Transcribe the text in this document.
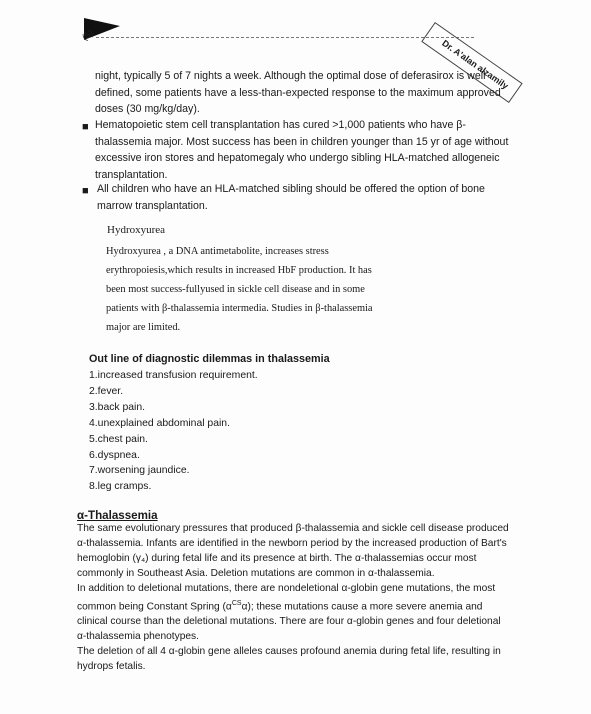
(5)
Dr. A'alan alzamily

night, typically 5 of 7 nights a week. Although the optimal dose of deferasirox is well defined, some patients have a less-than-expected response to the maximum approved doses (30 mg/kg/day).

■ Hematopoietic stem cell transplantation has cured >1,000 patients who have β-thalassemia major. Most success has been in children younger than 15 yr of age without excessive iron stores and hepatomegaly who undergo sibling HLA-matched allogeneic transplantation.

■ All children who have an HLA-matched sibling should be offered the option of bone marrow transplantation.

Hydroxyurea

Hydroxyurea , a DNA antimetabolite, increases stress erythropoiesis,which results in increased HbF production. It has been most success-fullyused in sickle cell disease and in some patients with β-thalassemia intermedia. Studies in β-thalassemia major are limited.

Out line of diagnostic dilemmas in thalassemia
1.increased transfusion requirement.
2.fever.
3.back pain.
4.unexplained abdominal pain.
5.chest pain.
6.dyspnea.
7.worsening jaundice.
8.leg cramps.
α-Thalassemia

The same evolutionary pressures that produced β-thalassemia and sickle cell disease produced α-thalassemia. Infants are identified in the newborn period by the increased production of Bart's hemoglobin (γ₄) during fetal life and its presence at birth. The α-thalassemias occur most commonly in Southeast Asia. Deletion mutations are common in α-thalassemia.

In addition to deletional mutations, there are nondeletional α-globin gene mutations, the most common being Constant Spring $(\alpha^{CS}\alpha)$; these mutations cause a more severe anemia and clinical course than the deletional mutations. There are four α-globin genes and four deletional α-thalassemia phenotypes.

The deletion of all 4 α-globin gene alleles causes profound anemia during fetal life, resulting in hydrops fetalis.
